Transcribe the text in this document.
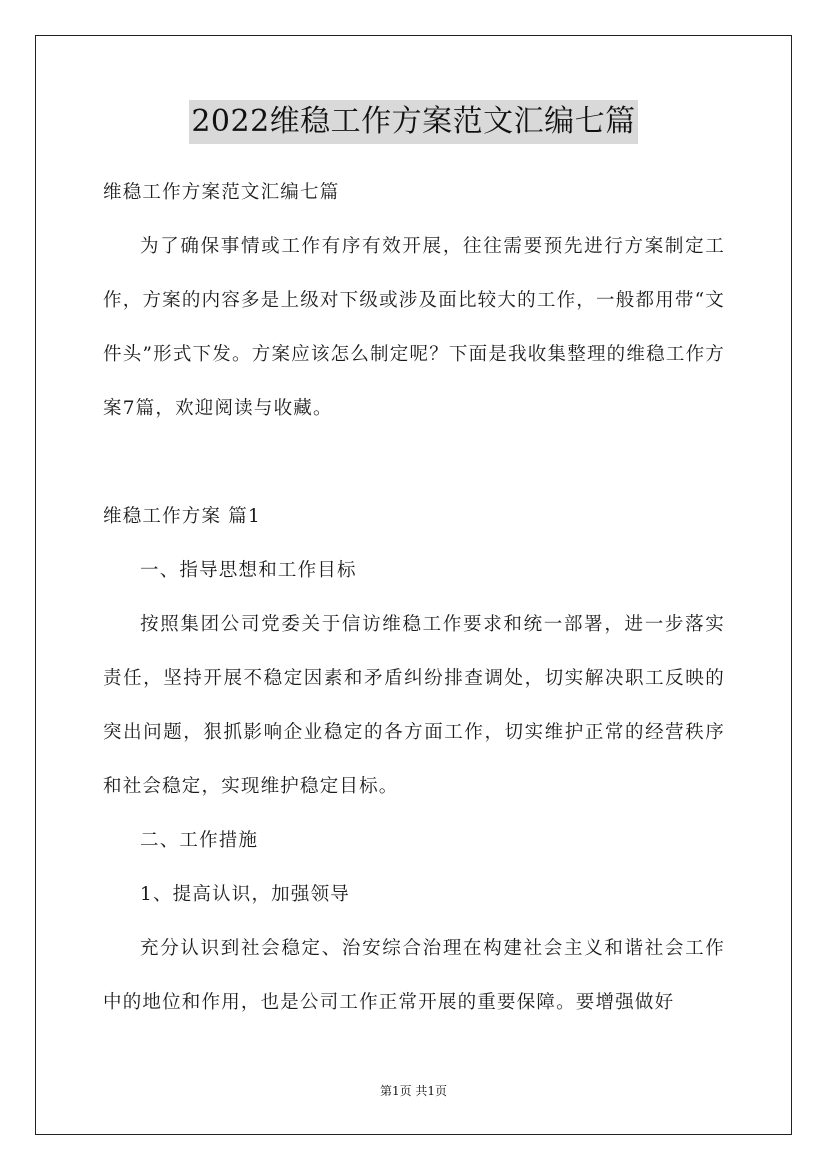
2022维稳工作方案范文汇编七篇

维稳工作方案范文汇编七篇

为了确保事情或工作有序有效开展，往往需要预先进行方案制定工作，方案的内容多是上级对下级或涉及面比较大的工作，一般都用带“文件头”形式下发。方案应该怎么制定呢？下面是我收集整理的维稳工作方案7篇，欢迎阅读与收藏。

维稳工作方案 篇1

一、指导思想和工作目标

按照集团公司党委关于信访维稳工作要求和统一部署，进一步落实责任，坚持开展不稳定因素和矛盾纠纷排查调处，切实解决职工反映的突出问题，狠抓影响企业稳定的各方面工作，切实维护正常的经营秩序和社会稳定，实现维护稳定目标。

二、工作措施

1、提高认识，加强领导

充分认识到社会稳定、治安综合治理在构建社会主义和谐社会工作中的地位和作用，也是公司工作正常开展的重要保障。要增强做好

第1页 共1页
